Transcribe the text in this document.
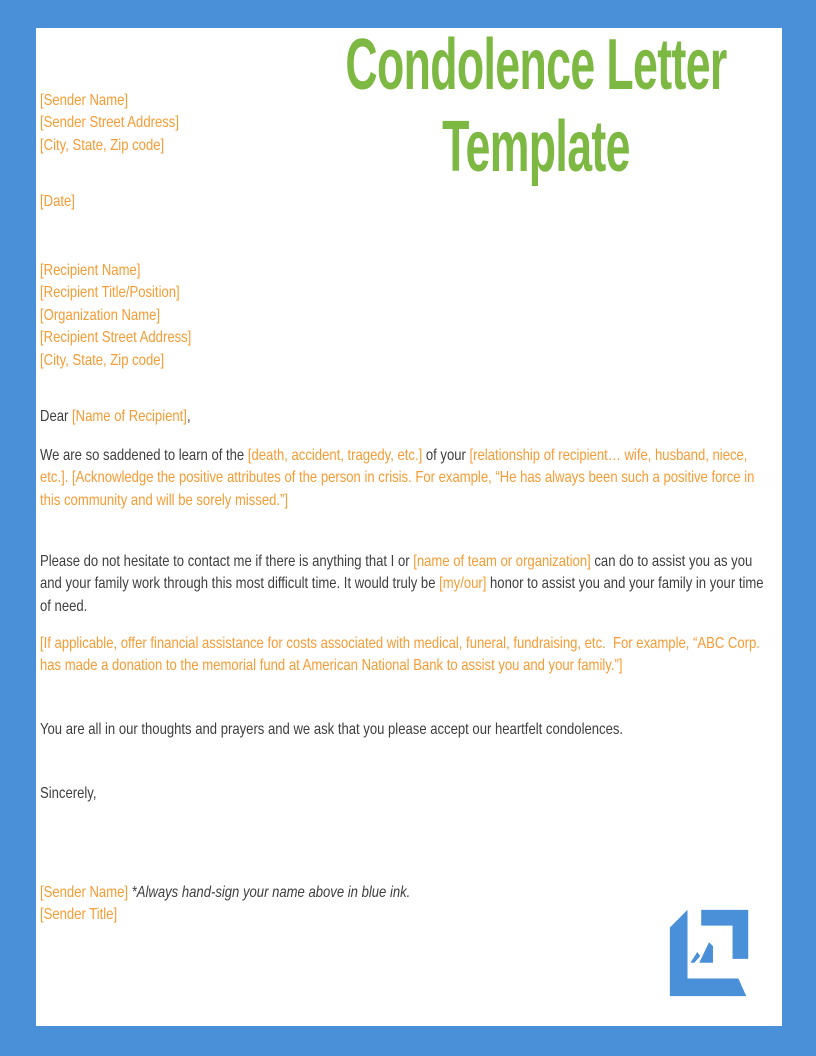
Condolence Letter
Template
[Sender Name]
[Sender Street Address]
[City, State, Zip code]
[Date]
[Recipient Name]
[Recipient Title/Position]
[Organization Name]
[Recipient Street Address]
[City, State, Zip code]
Dear [Name of Recipient],
We are so saddened to learn of the [death, accident, tragedy, etc.] of your [relationship of recipient… wife, husband, niece, etc.]. [Acknowledge the positive attributes of the person in crisis. For example, “He has always been such a positive force in this community and will be sorely missed.”]
Please do not hesitate to contact me if there is anything that I or [name of team or organization] can do to assist you as you and your family work through this most difficult time. It would truly be [my/our] honor to assist you and your family in your time of need.
[If applicable, offer financial assistance for costs associated with medical, funeral, fundraising, etc.  For example, “ABC Corp. has made a donation to the memorial fund at American National Bank to assist you and your family.”]
You are all in our thoughts and prayers and we ask that you please accept our heartfelt condolences.
Sincerely,
[Sender Name] *Always hand-sign your name above in blue ink.
[Sender Title]
